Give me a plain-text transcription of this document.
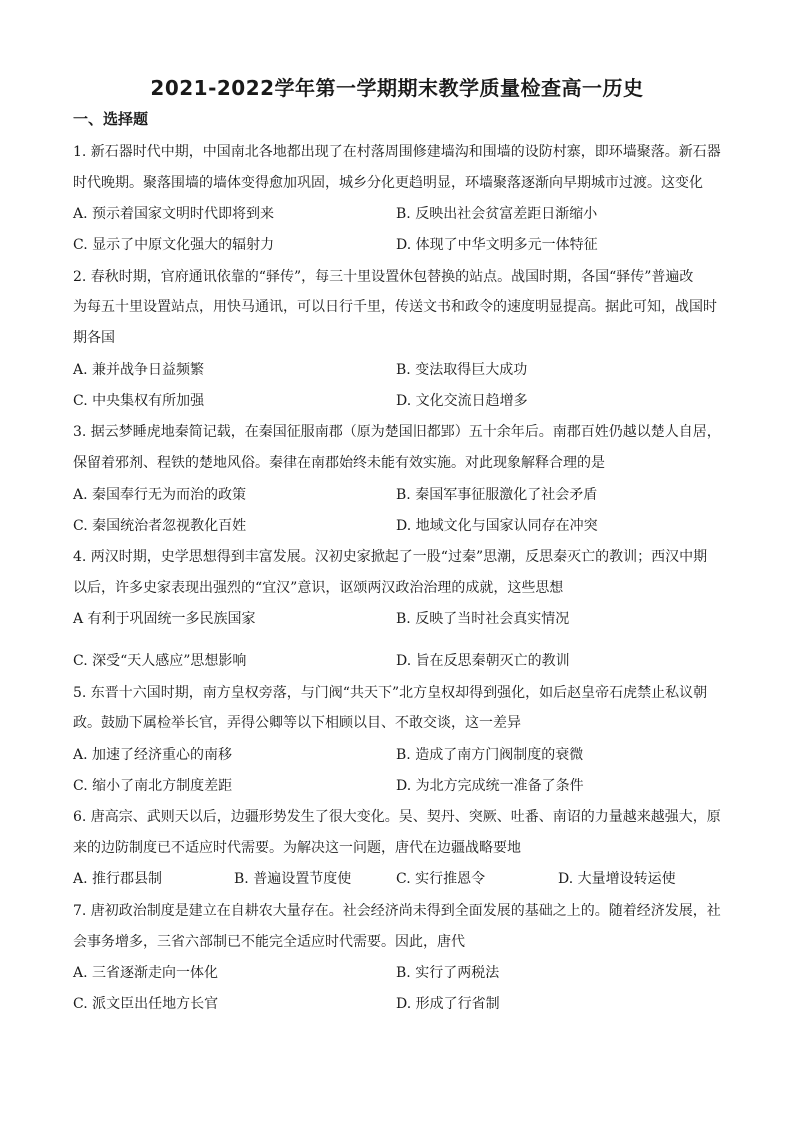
2021-2022学年第一学期期末教学质量检查高一历史
一、选择题
1. 新石器时代中期，中国南北各地都出现了在村落周围修建墙沟和围墙的设防村寨，即环墙聚落。新石器
时代晚期。聚落围墙的墙体变得愈加巩固，城乡分化更趋明显，环墙聚落逐渐向早期城市过渡。这变化
A. 预示着国家文明时代即将到来	B. 反映出社会贫富差距日渐缩小
C. 显示了中原文化强大的辐射力	D. 体现了中华文明多元一体特征
2. 春秋时期，官府通讯依靠的“驿传”，每三十里设置休包替换的站点。战国时期，各国“驿传”普遍改
为每五十里设置站点，用快马通讯，可以日行千里，传送文书和政令的速度明显提高。据此可知，战国时
期各国
A. 兼并战争日益频繁	B. 变法取得巨大成功
C. 中央集权有所加强	D. 文化交流日趋增多
3. 据云梦睡虎地秦简记载，在秦国征服南郡（原为楚国旧都郢）五十余年后。南郡百姓仍越以楚人自居，
保留着邪剂、程铁的楚地风俗。秦律在南郡始终未能有效实施。对此现象解释合理的是
A. 秦国奉行无为而治的政策	B. 秦国军事征服激化了社会矛盾
C. 秦国统治者忽视教化百姓	D. 地域文化与国家认同存在冲突
4. 两汉时期，史学思想得到丰富发展。汉初史家掀起了一股“过秦”思潮，反思秦灭亡的教训；西汉中期
以后，许多史家表现出强烈的“宜汉”意识，讴颂两汉政治治理的成就，这些思想
A 有利于巩固统一多民族国家	B. 反映了当时社会真实情况
C. 深受“天人感应”思想影响	D. 旨在反思秦朝灭亡的教训
5. 东晋十六国时期，南方皇权旁落，与门阀“共天下”北方皇权却得到强化，如后赵皇帝石虎禁止私议朝
政。鼓励下属检举长官，弄得公卿等以下相顾以目、不敢交谈，这一差异
A. 加速了经济重心的南移	B. 造成了南方门阀制度的衰微
C. 缩小了南北方制度差距	D. 为北方完成统一准备了条件
6. 唐高宗、武则天以后，边疆形势发生了很大变化。吴、契丹、突厥、吐番、南诏的力量越来越强大，原
来的边防制度已不适应时代需要。为解决这一问题，唐代在边疆战略要地
A. 推行郡县制	B. 普遍设置节度使	C. 实行推恩令	D. 大量增设转运使
7. 唐初政治制度是建立在自耕农大量存在。社会经济尚未得到全面发展的基础之上的。随着经济发展，社
会事务增多，三省六部制已不能完全适应时代需要。因此，唐代
A. 三省逐渐走向一体化	B. 实行了两税法
C. 派文臣出任地方长官	D. 形成了行省制
